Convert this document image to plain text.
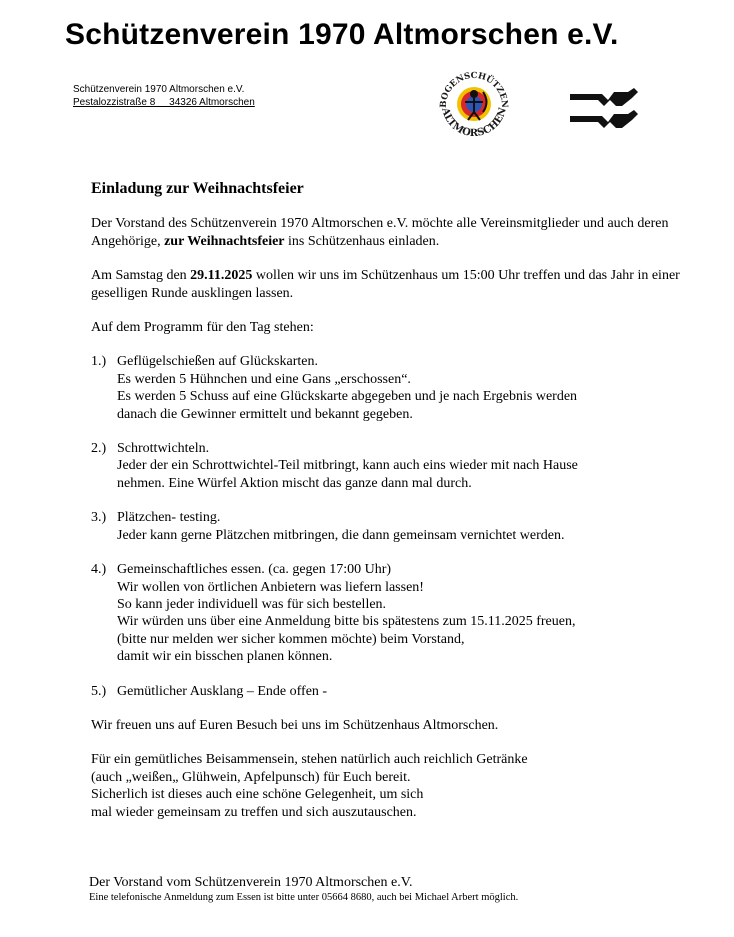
Schützenverein 1970 Altmorschen e.V.
Schützenverein 1970 Altmorschen e.V.
Pestalozzistraße 8     34326 Altmorschen	BOGENSCHÜTZEN
ALTMORSCHEN

Einladung zur Weihnachtsfeier

Der Vorstand des Schützenverein 1970 Altmorschen e.V. möchte alle Vereinsmitglieder und auch deren Angehörige, zur Weihnachtsfeier ins Schützenhaus einladen.

Am Samstag den 29.11.2025 wollen wir uns im Schützenhaus um 15:00 Uhr treffen und das Jahr in einer geselligen Runde ausklingen lassen.

Auf dem Programm für den Tag stehen:

1.) Geflügelschießen auf Glückskarten.
Es werden 5 Hühnchen und eine Gans „erschossen“.
Es werden 5 Schuss auf eine Glückskarte abgegeben und je nach Ergebnis werden
danach die Gewinner ermittelt und bekannt gegeben.
2.) Schrottwichteln.
Jeder der ein Schrottwichtel-Teil mitbringt, kann auch eins wieder mit nach Hause
nehmen. Eine Würfel Aktion mischt das ganze dann mal durch.
3.) Plätzchen- testing.
Jeder kann gerne Plätzchen mitbringen, die dann gemeinsam vernichtet werden.
4.) Gemeinschaftliches essen. (ca. gegen 17:00 Uhr)
Wir wollen von örtlichen Anbietern was liefern lassen!
So kann jeder individuell was für sich bestellen.
Wir würden uns über eine Anmeldung bitte bis spätestens zum 15.11.2025 freuen,
(bitte nur melden wer sicher kommen möchte) beim Vorstand,
damit wir ein bisschen planen können.
5.) Gemütlicher Ausklang – Ende offen -

Wir freuen uns auf Euren Besuch bei uns im Schützenhaus Altmorschen.

Für ein gemütliches Beisammensein, stehen natürlich auch reichlich Getränke
(auch „weißen„ Glühwein, Apfelpunsch) für Euch bereit.
Sicherlich ist dieses auch eine schöne Gelegenheit, um sich
mal wieder gemeinsam zu treffen und sich auszutauschen.
Der Vorstand vom Schützenverein 1970 Altmorschen e.V.
Eine telefonische Anmeldung zum Essen ist bitte unter 05664 8680, auch bei Michael Arbert möglich.
